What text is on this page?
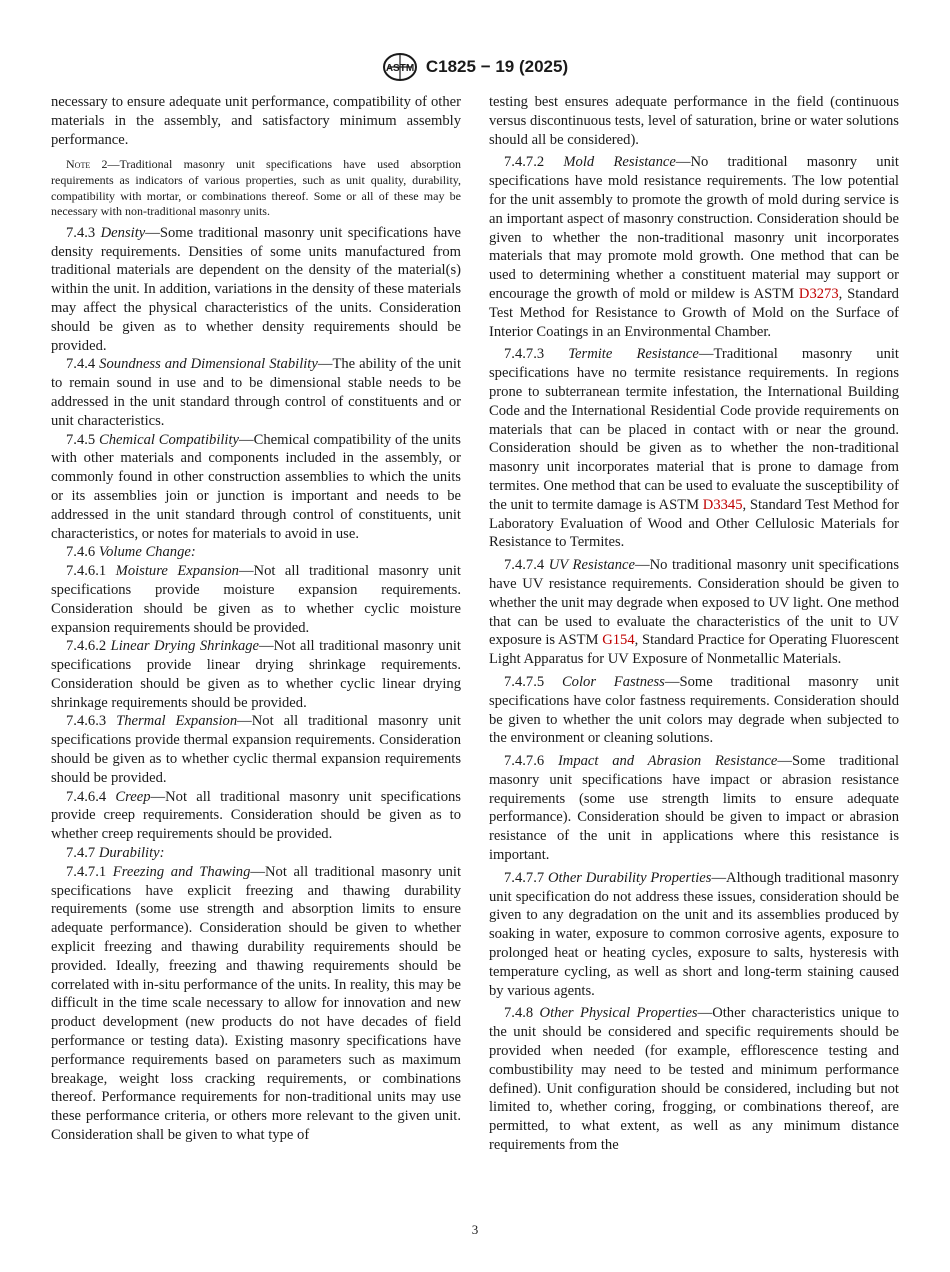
ASTM C1825 − 19 (2025)

necessary to ensure adequate unit performance, compatibility of other materials in the assembly, and satisfactory minimum assembly performance.

Note 2—Traditional masonry unit specifications have used absorption requirements as indicators of various properties, such as unit quality, durability, compatibility with mortar, or combinations thereof. Some or all of these may be necessary with non-traditional masonry units.

7.4.3 Density—Some traditional masonry unit specifications have density requirements. Densities of some units manufactured from traditional materials are dependent on the density of the material(s) within the unit. In addition, variations in the density of these materials may affect the physical characteristics of the units. Consideration should be given as to whether density requirements should be provided.

7.4.4 Soundness and Dimensional Stability—The ability of the unit to remain sound in use and to be dimensional stable needs to be addressed in the unit standard through control of constituents and or unit characteristics.

7.4.5 Chemical Compatibility—Chemical compatibility of the units with other materials and components included in the assembly, or commonly found in other construction assemblies to which the units or its assemblies join or junction is important and needs to be addressed in the unit standard through control of constituents, unit characteristics, or notes for materials to avoid in use.

7.4.6 Volume Change:

7.4.6.1 Moisture Expansion—Not all traditional masonry unit specifications provide moisture expansion requirements. Consideration should be given as to whether cyclic moisture expansion requirements should be provided.

7.4.6.2 Linear Drying Shrinkage—Not all traditional masonry unit specifications provide linear drying shrinkage requirements. Consideration should be given as to whether cyclic linear drying shrinkage requirements should be provided.

7.4.6.3 Thermal Expansion—Not all traditional masonry unit specifications provide thermal expansion requirements. Consideration should be given as to whether cyclic thermal expansion requirements should be provided.

7.4.6.4 Creep—Not all traditional masonry unit specifications provide creep requirements. Consideration should be given as to whether creep requirements should be provided.

7.4.7 Durability:

7.4.7.1 Freezing and Thawing—Not all traditional masonry unit specifications have explicit freezing and thawing durability requirements (some use strength and absorption limits to ensure adequate performance). Consideration should be given to whether explicit freezing and thawing durability requirements should be provided. Ideally, freezing and thawing requirements should be correlated with in-situ performance of the units. In reality, this may be difficult in the time scale necessary to allow for innovation and new product development (new products do not have decades of field performance or testing data). Existing masonry specifications have performance requirements based on parameters such as maximum breakage, weight loss cracking requirements, or combinations thereof. Performance requirements for non-traditional units may use these performance criteria, or others more relevant to the given unit. Consideration shall be given to what type of

testing best ensures adequate performance in the field (continuous versus discontinuous tests, level of saturation, brine or water solutions should all be considered).

7.4.7.2 Mold Resistance—No traditional masonry unit specifications have mold resistance requirements. The low potential for the unit assembly to promote the growth of mold during service is an important aspect of masonry construction. Consideration should be given to whether the non-traditional masonry unit incorporates materials that may promote mold growth. One method that can be used to determining whether a constituent material may support or encourage the growth of mold or mildew is ASTM D3273, Standard Test Method for Resistance to Growth of Mold on the Surface of Interior Coatings in an Environmental Chamber.

7.4.7.3 Termite Resistance—Traditional masonry unit specifications have no termite resistance requirements. In regions prone to subterranean termite infestation, the International Building Code and the International Residential Code provide requirements on materials that can be placed in contact with or near the ground. Consideration should be given as to whether the non-traditional masonry unit incorporates material that is prone to damage from termites. One method that can be used to evaluate the susceptibility of the unit to termite damage is ASTM D3345, Standard Test Method for Laboratory Evaluation of Wood and Other Cellulosic Materials for Resistance to Termites.

7.4.7.4 UV Resistance—No traditional masonry unit specifications have UV resistance requirements. Consideration should be given to whether the unit may degrade when exposed to UV light. One method that can be used to evaluate the characteristics of the unit to UV exposure is ASTM G154, Standard Practice for Operating Fluorescent Light Apparatus for UV Exposure of Nonmetallic Materials.

7.4.7.5 Color Fastness—Some traditional masonry unit specifications have color fastness requirements. Consideration should be given to whether the unit colors may degrade when subjected to the environment or cleaning solutions.

7.4.7.6 Impact and Abrasion Resistance—Some traditional masonry unit specifications have impact or abrasion resistance requirements (some use strength limits to ensure adequate performance). Consideration should be given to impact or abrasion resistance of the unit in applications where this resistance is important.

7.4.7.7 Other Durability Properties—Although traditional masonry unit specification do not address these issues, consideration should be given to any degradation on the unit and its assemblies produced by soaking in water, exposure to common corrosive agents, exposure to prolonged heat or heating cycles, exposure to salts, hysteresis with temperature cycling, as well as short and long-term staining caused by various agents.

7.4.8 Other Physical Properties—Other characteristics unique to the unit should be considered and specific requirements should be provided when needed (for example, efflorescence testing and combustibility may need to be tested and minimum performance defined). Unit configuration should be considered, including but not limited to, whether coring, frogging, or combinations thereof, are permitted, to what extent, as well as any minimum distance requirements from the

3
